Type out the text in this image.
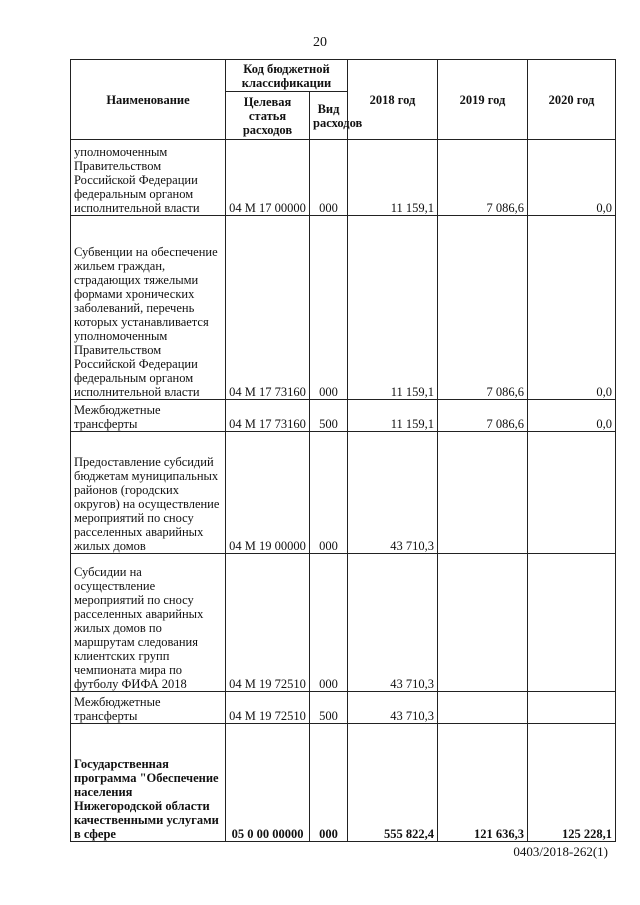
20
Наименование	Код бюджетной классификации		2018 год	2019 год	2020 год
	Целевая статья расходов	Вид расходов			
уполномоченным Правительством Российской Федерации федеральным органом исполнительной власти	04 М 17 00000	000	11 159,1	7 086,6	0,0
Субвенции на обеспечение жильем граждан, страдающих тяжелыми формами хронических заболеваний, перечень которых устанавливается уполномоченным Правительством Российской Федерации федеральным органом исполнительной власти	04 М 17 73160	000	11 159,1	7 086,6	0,0
Межбюджетные трансферты	04 М 17 73160	500	11 159,1	7 086,6	0,0
Предоставление субсидий бюджетам муниципальных районов (городских округов) на осуществление мероприятий по сносу расселенных аварийных жилых домов	04 М 19 00000	000	43 710,3		
Субсидии на осуществление мероприятий по сносу расселенных аварийных жилых домов по маршрутам следования клиентских групп чемпионата мира по футболу ФИФА 2018	04 М 19 72510	000	43 710,3		
Межбюджетные трансферты	04 М 19 72510	500	43 710,3		
Государственная программа "Обеспечение населения Нижегородской области качественными услугами в сфере	05 0 00 00000	000	555 822,4	121 636,3	125 228,1
0403/2018-262(1)
